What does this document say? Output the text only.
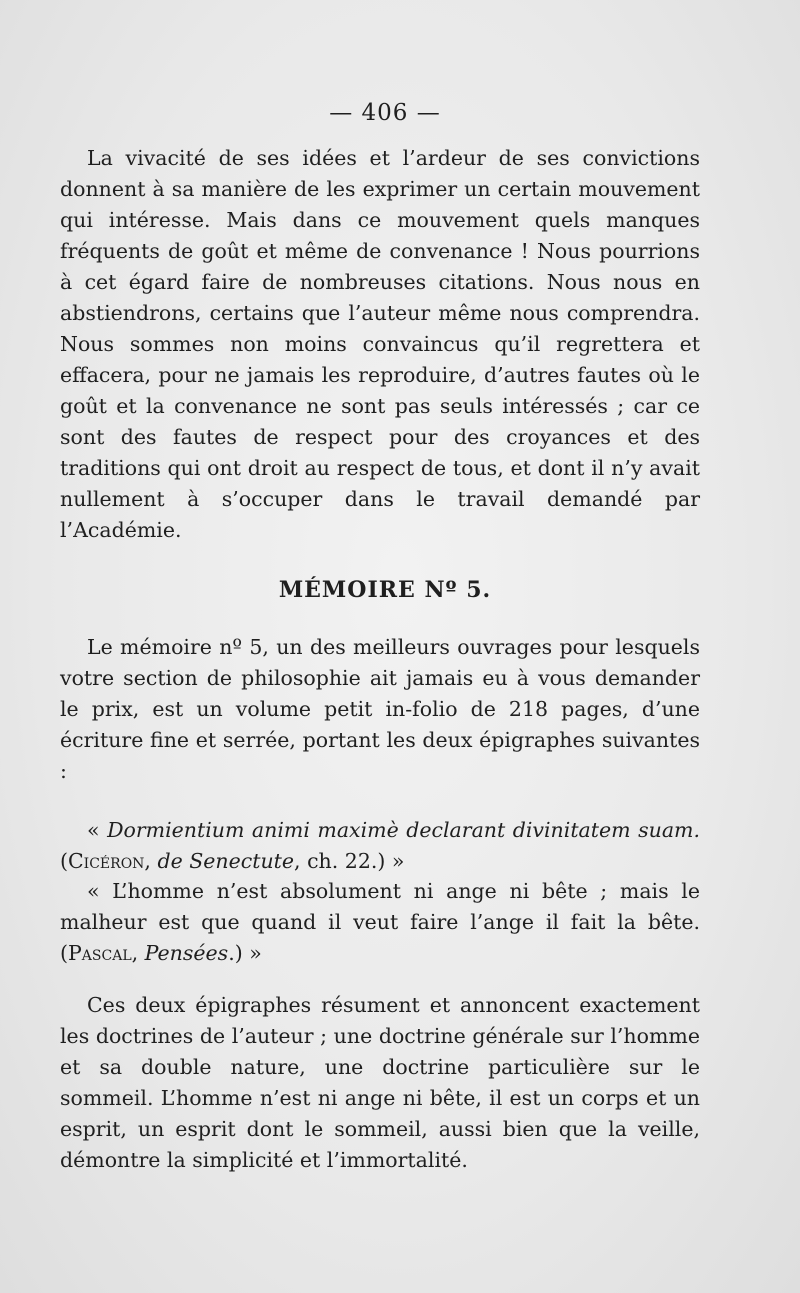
— 406 —

La vivacité de ses idées et l’ardeur de ses convictions donnent à sa manière de les exprimer un certain mouvement qui intéresse. Mais dans ce mouvement quels manques fréquents de goût et même de convenance ! Nous pourrions à cet égard faire de nombreuses citations. Nous nous en abstiendrons, certains que l’auteur même nous comprendra. Nous sommes non moins convaincus qu’il regrettera et effacera, pour ne jamais les reproduire, d’autres fautes où le goût et la convenance ne sont pas seuls intéressés ; car ce sont des fautes de respect pour des croyances et des traditions qui ont droit au respect de tous, et dont il n’y avait nullement à s’occuper dans le travail demandé par l’Académie.

MÉMOIRE Nº 5.

Le mémoire nº 5, un des meilleurs ouvrages pour lesquels votre section de philosophie ait jamais eu à vous demander le prix, est un volume petit in-folio de 218 pages, d’une écriture fine et serrée, portant les deux épigraphes suivantes :

« Dormientium animi maximè declarant divinitatem suam. (Cicéron, de Senectute, ch. 22.) »

« L’homme n’est absolument ni ange ni bête ; mais le malheur est que quand il veut faire l’ange il fait la bête. (Pascal, Pensées.) »

Ces deux épigraphes résument et annoncent exactement les doctrines de l’auteur ; une doctrine générale sur l’homme et sa double nature, une doctrine particulière sur le sommeil. L’homme n’est ni ange ni bête, il est un corps et un esprit, un esprit dont le sommeil, aussi bien que la veille, démontre la simplicité et l’immortalité.
